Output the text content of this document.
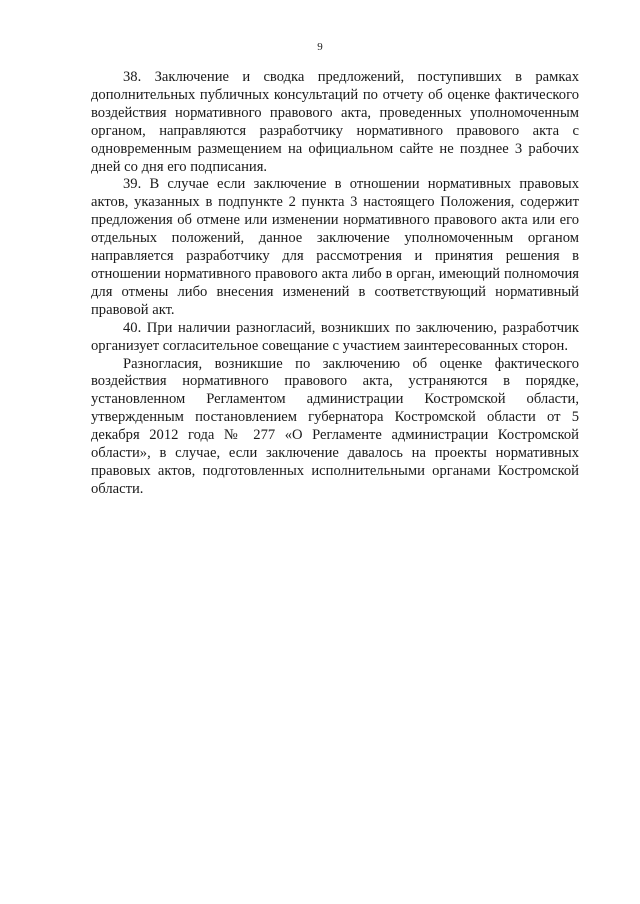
9

38. Заключение и сводка предложений, поступивших в рамках дополнительных публичных консультаций по отчету об оценке фактического воздействия нормативного правового акта, проведенных уполномоченным органом, направляются разработчику нормативного правового акта с одновременным размещением на официальном сайте не позднее 3 рабочих дней со дня его подписания.

39. В случае если заключение в отношении нормативных правовых актов, указанных в подпункте 2 пункта 3 настоящего Положения, содержит предложения об отмене или изменении нормативного правового акта или его отдельных положений, данное заключение уполномоченным органом направляется разработчику для рассмотрения и принятия решения в отношении нормативного правового акта либо в орган, имеющий полномочия для отмены либо внесения изменений в соответствующий нормативный правовой акт.

40. При наличии разногласий, возникших по заключению, разработчик организует согласительное совещание с участием заинтересованных сторон.

Разногласия, возникшие по заключению об оценке фактического воздействия нормативного правового акта, устраняются в порядке, установленном Регламентом администрации Костромской области, утвержденным постановлением губернатора Костромской области от 5 декабря 2012 года № 277 «О Регламенте администрации Костромской области», в случае, если заключение давалось на проекты нормативных правовых актов, подготовленных исполнительными органами Костромской области.
